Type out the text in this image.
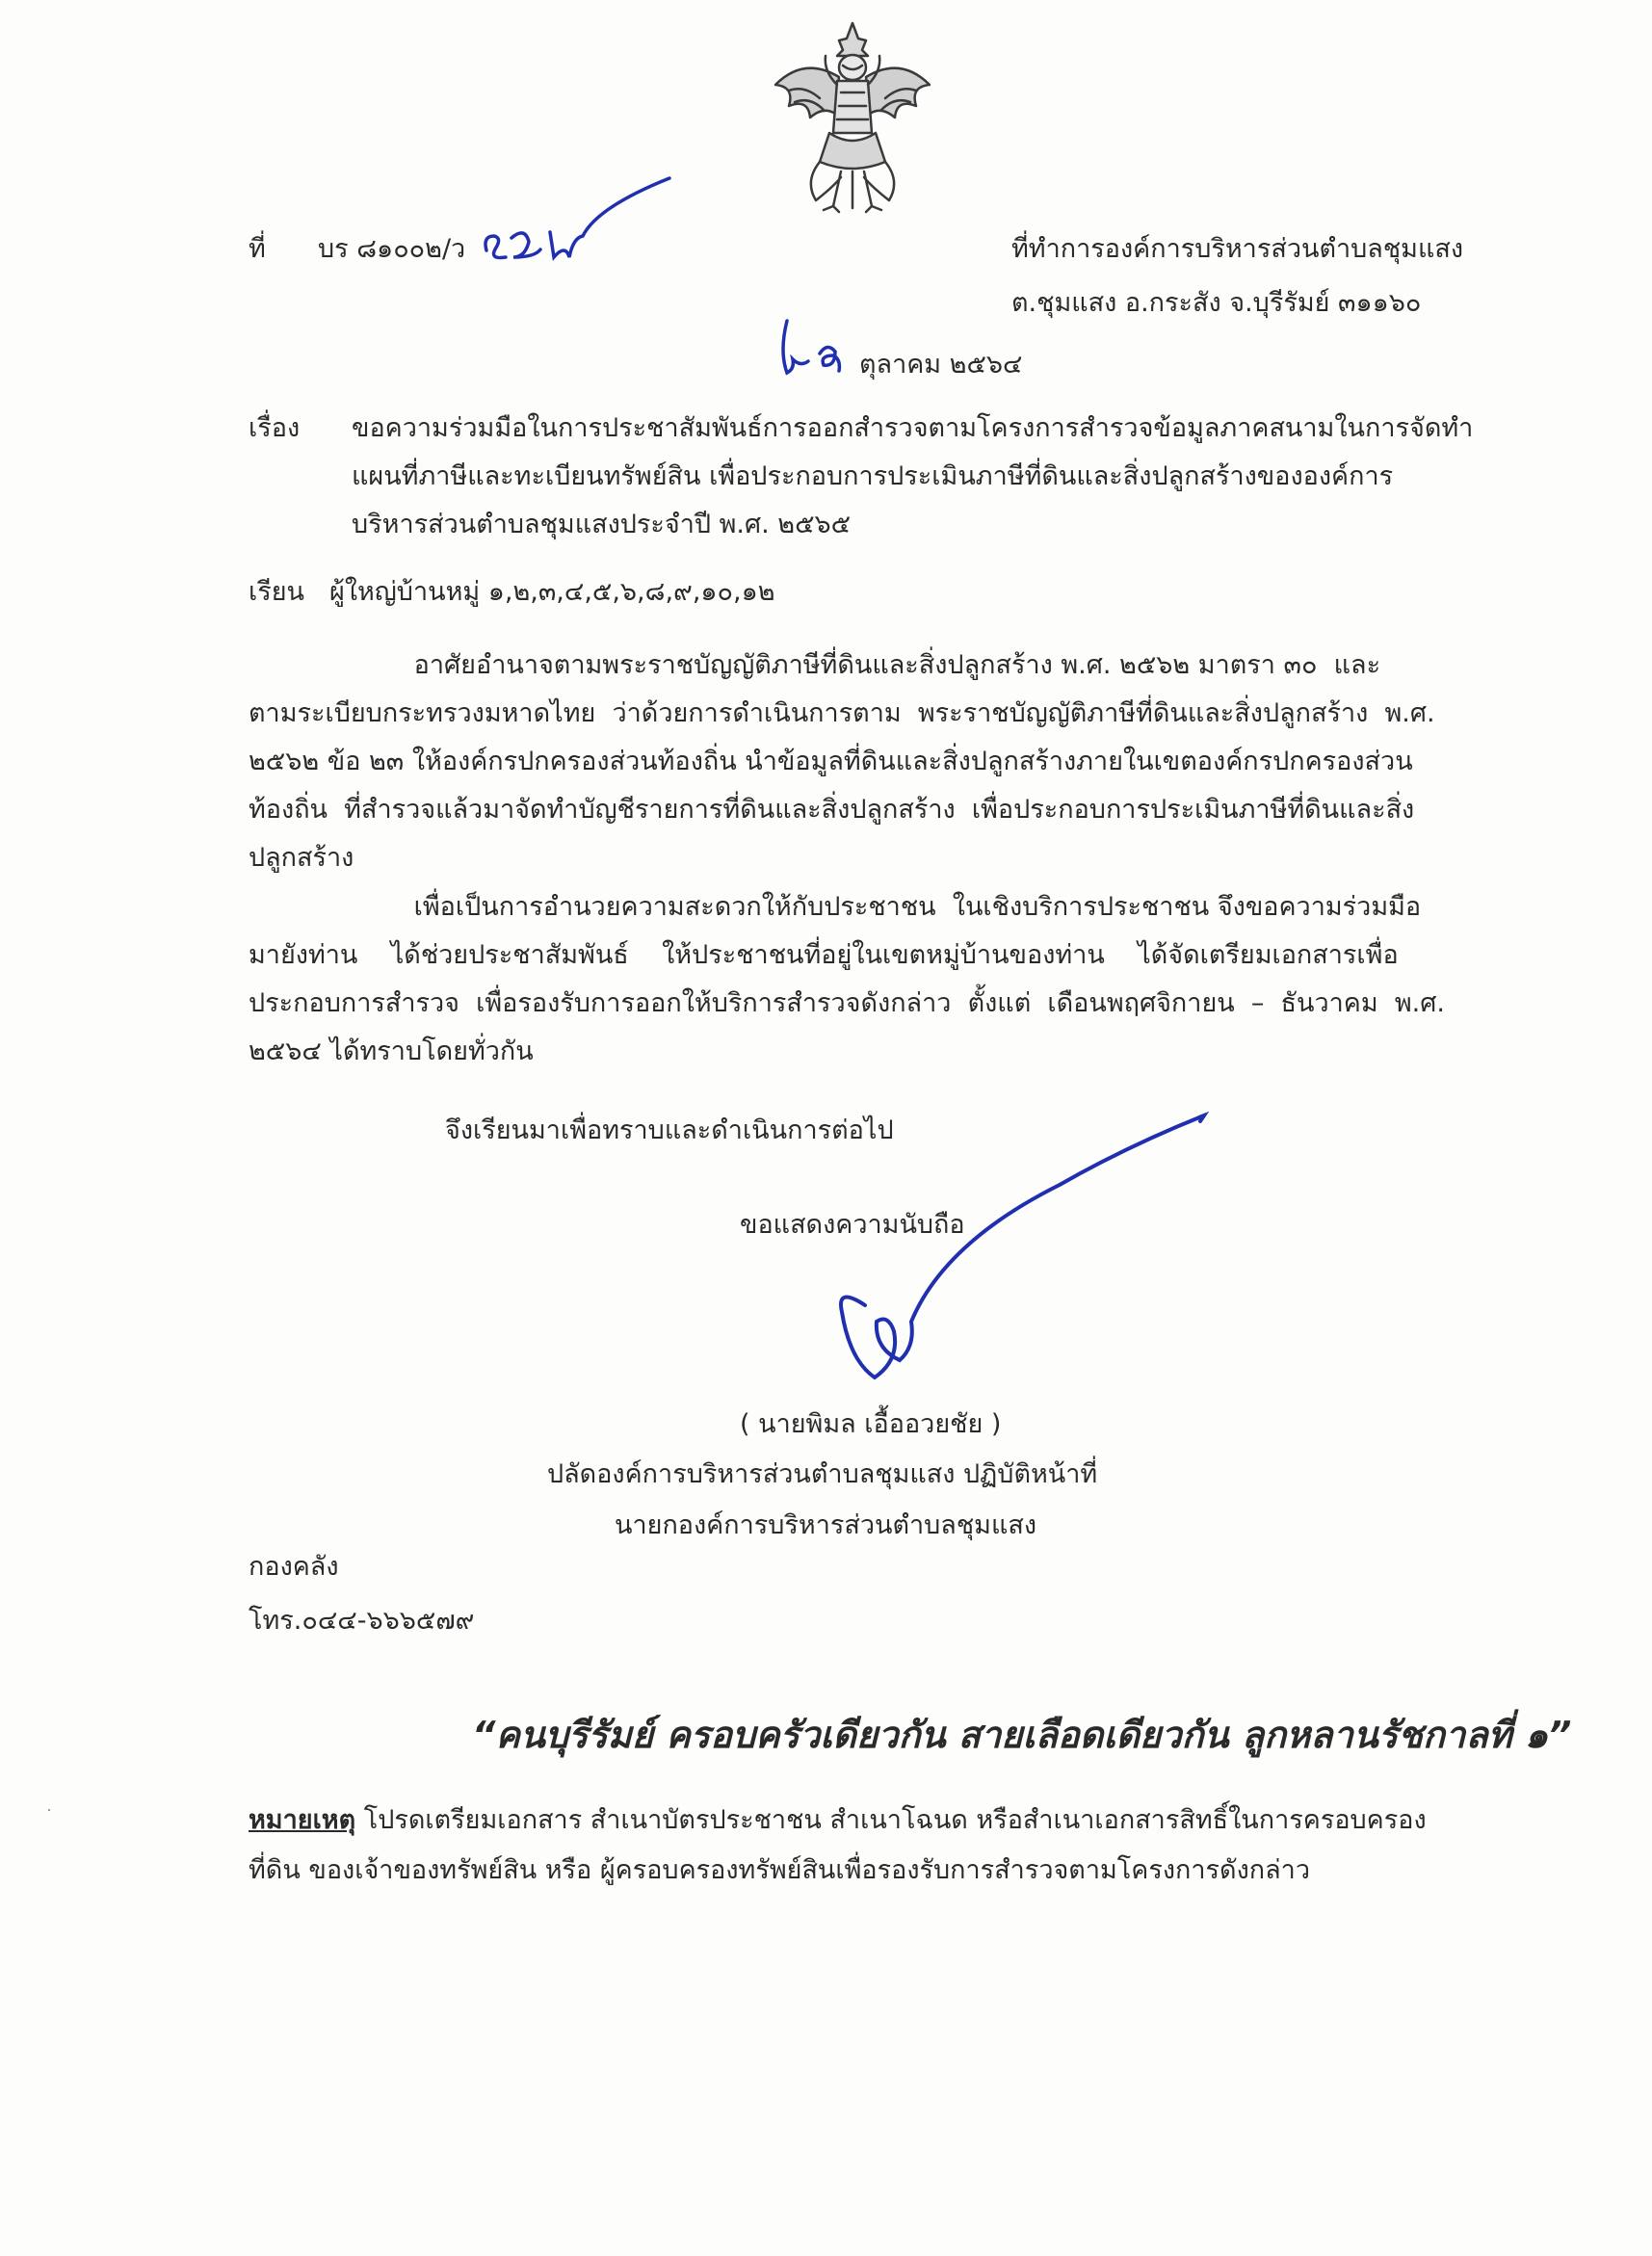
ที่ บร ๘๑๐๐๒/ว	ที่ทำการองค์การบริหารส่วนตำบลชุมแสง
ต.ชุมแสง อ.กระสัง จ.บุรีรัมย์ ๓๑๑๖๐
ตุลาคม ๒๕๖๔
เรื่อง ขอความร่วมมือในการประชาสัมพันธ์การออกสำรวจตามโครงการสำรวจข้อมูลภาคสนามในการจัดทำ
แผนที่ภาษีและทะเบียนทรัพย์สิน เพื่อประกอบการประเมินภาษีที่ดินและสิ่งปลูกสร้างขององค์การ
บริหารส่วนตำบลชุมแสงประจำปี พ.ศ. ๒๕๖๕
เรียน ผู้ใหญ่บ้านหมู่ ๑,๒,๓,๔,๕,๖,๘,๙,๑๐,๑๒
อาศัยอำนาจตามพระราชบัญญัติภาษีที่ดินและสิ่งปลูกสร้าง พ.ศ. ๒๕๖๒ มาตรา ๓๐  และ
ตามระเบียบกระทรวงมหาดไทย  ว่าด้วยการดำเนินการตาม  พระราชบัญญัติภาษีที่ดินและสิ่งปลูกสร้าง  พ.ศ.
๒๕๖๒ ข้อ ๒๓ ให้องค์กรปกครองส่วนท้องถิ่น นำข้อมูลที่ดินและสิ่งปลูกสร้างภายในเขตองค์กรปกครองส่วน
ท้องถิ่น  ที่สำรวจแล้วมาจัดทำบัญชีรายการที่ดินและสิ่งปลูกสร้าง  เพื่อประกอบการประเมินภาษีที่ดินและสิ่ง
ปลูกสร้าง
เพื่อเป็นการอำนวยความสะดวกให้กับประชาชน  ในเชิงบริการประชาชน จึงขอความร่วมมือ
มายังท่าน    ได้ช่วยประชาสัมพันธ์    ให้ประชาชนที่อยู่ในเขตหมู่บ้านของท่าน    ได้จัดเตรียมเอกสารเพื่อ
ประกอบการสำรวจ  เพื่อรองรับการออกให้บริการสำรวจดังกล่าว  ตั้งแต่  เดือนพฤศจิกายน  –  ธันวาคม  พ.ศ.
๒๕๖๔ ได้ทราบโดยทั่วกัน
จึงเรียนมาเพื่อทราบและดำเนินการต่อไป
ขอแสดงความนับถือ
( นายพิมล เอื้ออวยชัย )
ปลัดองค์การบริหารส่วนตำบลชุมแสง ปฏิบัติหน้าที่
นายกองค์การบริหารส่วนตำบลชุมแสง
กองคลัง
โทร.๐๔๔-๖๖๖๕๗๙
“คนบุรีรัมย์ ครอบครัวเดียวกัน สายเลือดเดียวกัน ลูกหลานรัชกาลที่ ๑”
หมายเหตุ โปรดเตรียมเอกสาร สำเนาบัตรประชาชน สำเนาโฉนด หรือสำเนาเอกสารสิทธิ์ในการครอบครอง
ที่ดิน ของเจ้าของทรัพย์สิน หรือ ผู้ครอบครองทรัพย์สินเพื่อรองรับการสำรวจตามโครงการดังกล่าว
